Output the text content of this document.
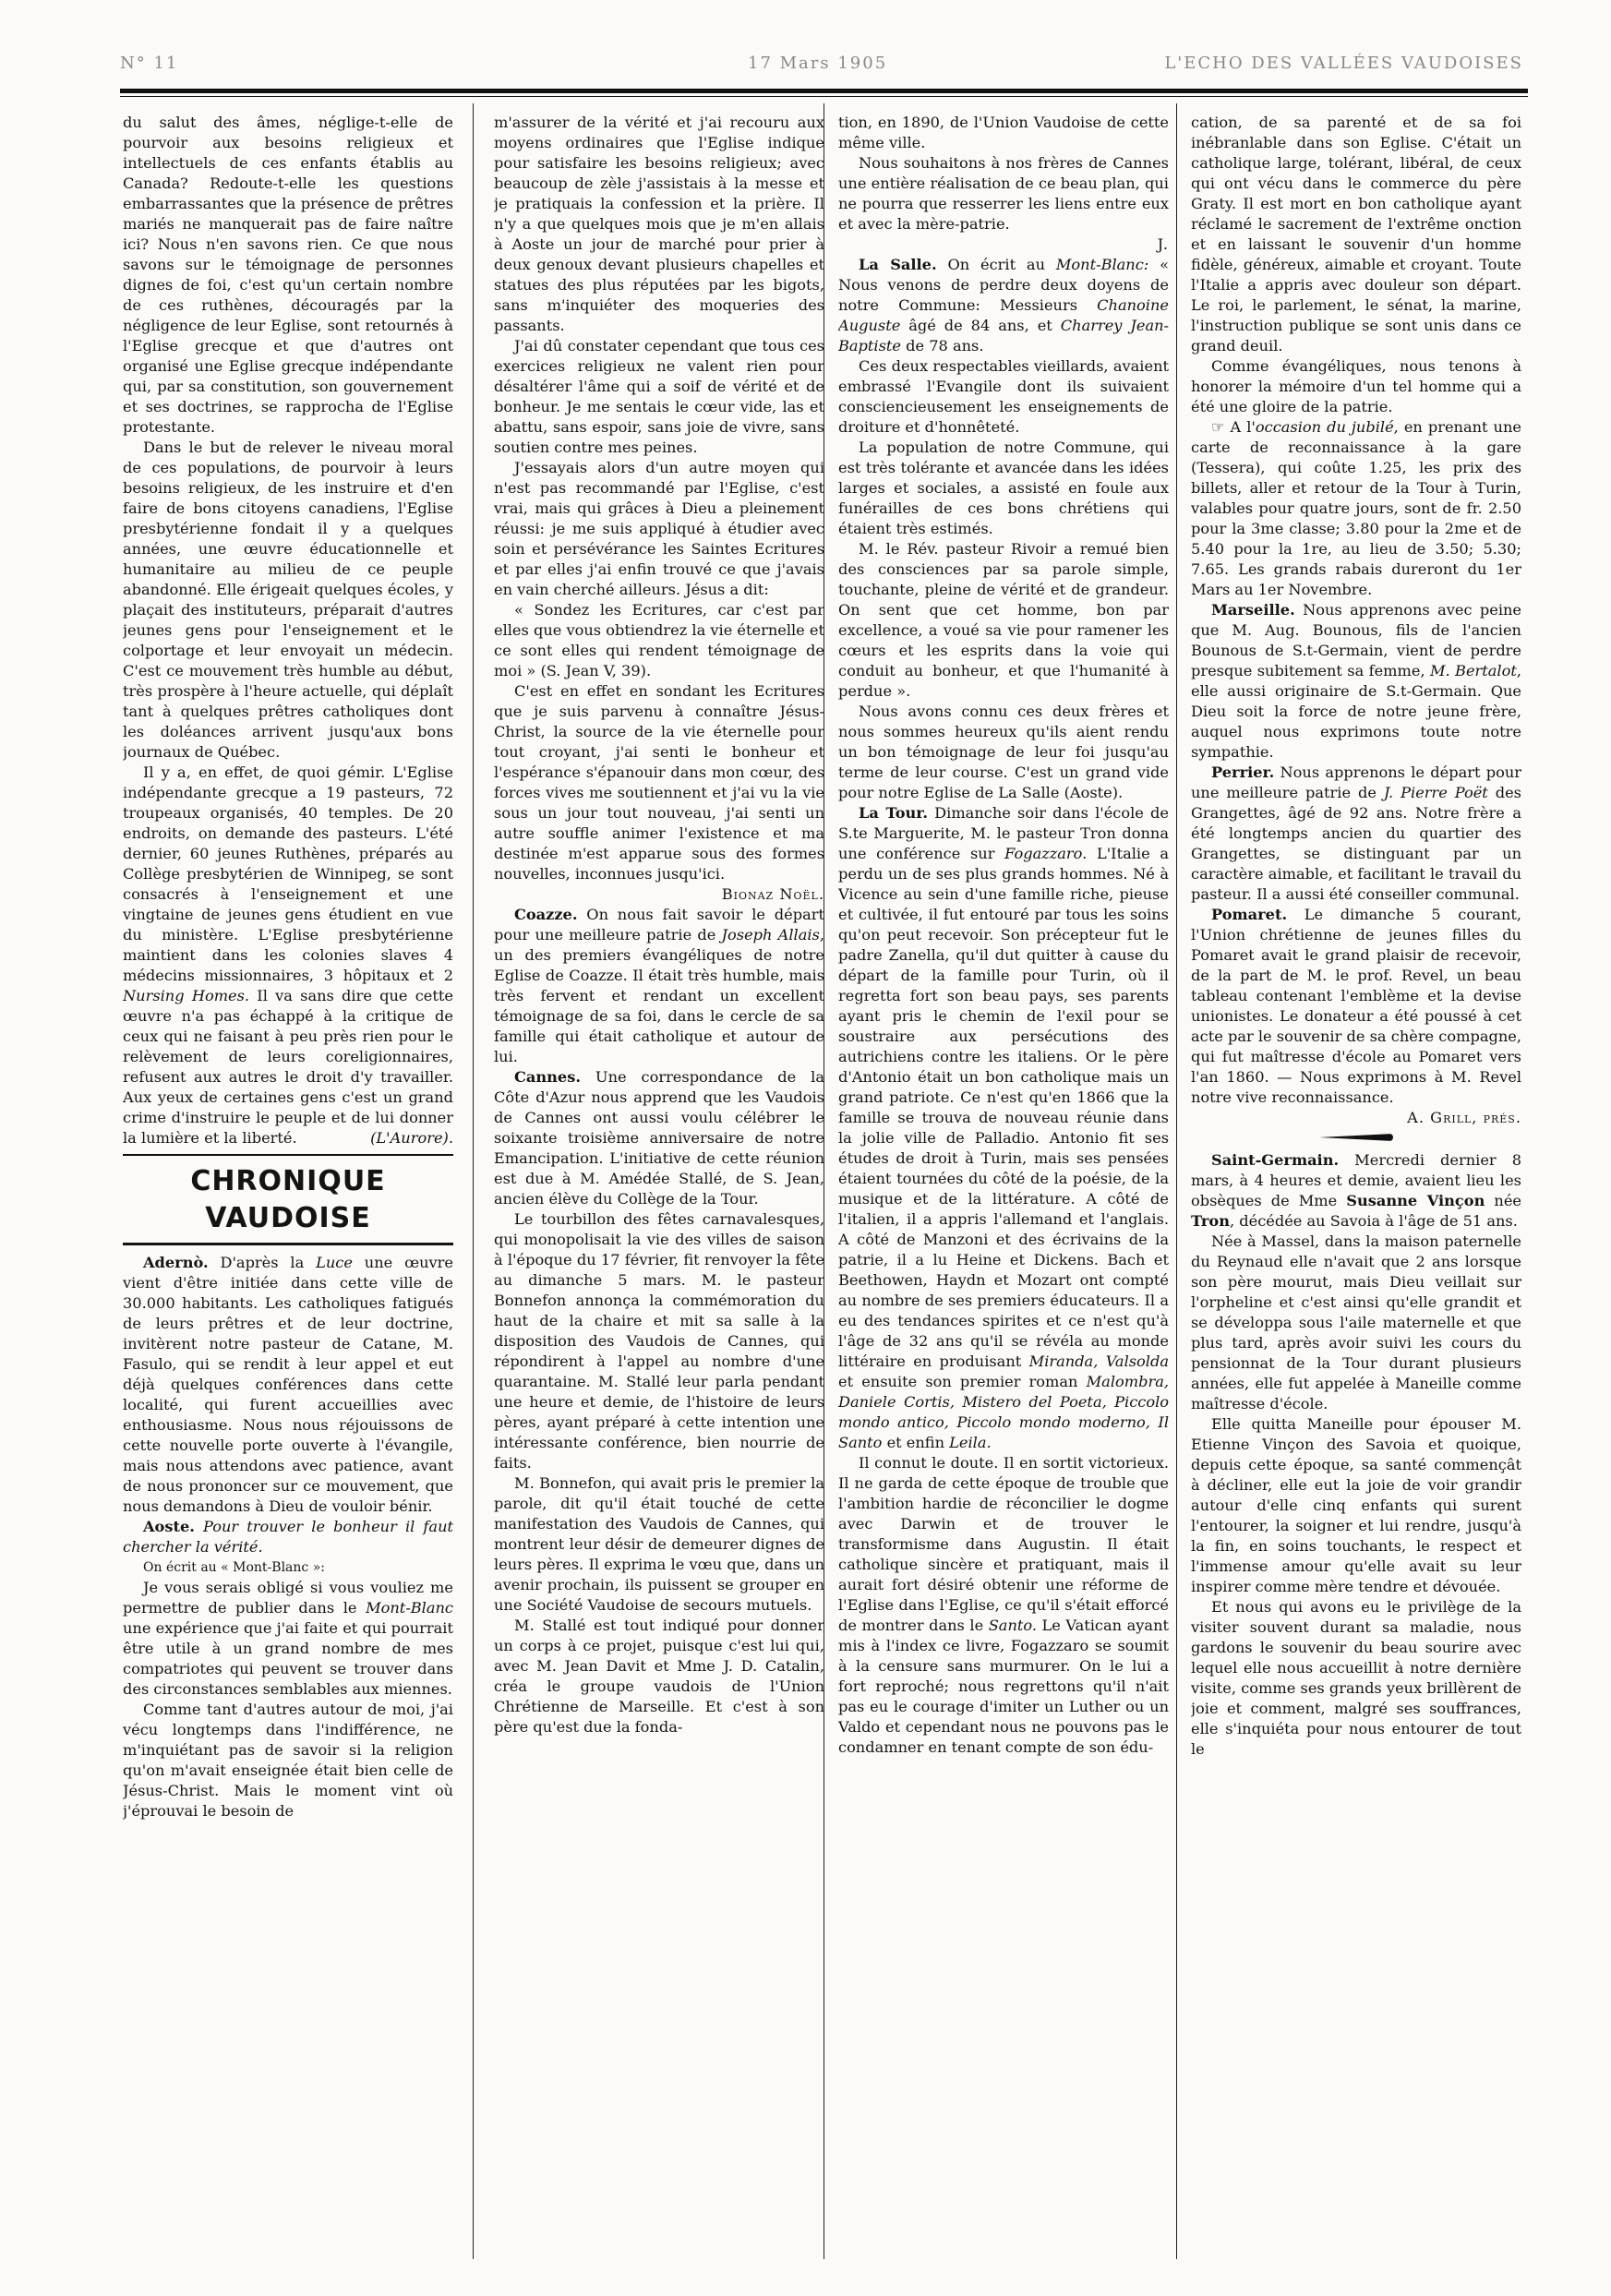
N° 11	17 Mars 1905	L'ECHO DES VALLÉES VAUDOISES

du salut des âmes, néglige-t-elle de pourvoir aux besoins religieux et intellectuels de ces enfants établis au Canada? Redoute-t-elle les questions embarrassantes que la présence de prêtres mariés ne manquerait pas de faire naître ici? Nous n'en savons rien. Ce que nous savons sur le témoignage de personnes dignes de foi, c'est qu'un certain nombre de ces ruthènes, découragés par la négligence de leur Eglise, sont retournés à l'Eglise grecque et que d'autres ont organisé une Eglise grecque indépendante qui, par sa constitution, son gouvernement et ses doctrines, se rapprocha de l'Eglise protestante.

Dans le but de relever le niveau moral de ces populations, de pourvoir à leurs besoins religieux, de les instruire et d'en faire de bons citoyens canadiens, l'Eglise presbytérienne fondait il y a quelques années, une œuvre éducationnelle et humanitaire au milieu de ce peuple abandonné. Elle érigeait quelques écoles, y plaçait des instituteurs, préparait d'autres jeunes gens pour l'enseignement et le colportage et leur envoyait un médecin. C'est ce mouvement très humble au début, très prospère à l'heure actuelle, qui déplaît tant à quelques prêtres catholiques dont les doléances arrivent jusqu'aux bons journaux de Québec.

Il y a, en effet, de quoi gémir. L'Eglise indépendante grecque a 19 pasteurs, 72 troupeaux organisés, 40 temples. De 20 endroits, on demande des pasteurs. L'été dernier, 60 jeunes Ruthènes, préparés au Collège presbytérien de Winnipeg, se sont consacrés à l'enseignement et une vingtaine de jeunes gens étudient en vue du ministère. L'Eglise presbytérienne maintient dans les colonies slaves 4 médecins missionnaires, 3 hôpitaux et 2 Nursing Homes. Il va sans dire que cette œuvre n'a pas échappé à la critique de ceux qui ne faisant à peu près rien pour le relèvement de leurs coreligionnaires, refusent aux autres le droit d'y travailler. Aux yeux de certaines gens c'est un grand crime d'instruire le peuple et de lui donner la lumière et la liberté.	(L'Aurore).

CHRONIQUE VAUDOISE

Adernò. D'après la Luce une œuvre vient d'être initiée dans cette ville de 30.000 habitants. Les catholiques fatigués de leurs prêtres et de leur doctrine, invitèrent notre pasteur de Catane, M. Fasulo, qui se rendit à leur appel et eut déjà quelques conférences dans cette localité, qui furent accueillies avec enthousiasme. Nous nous réjouissons de cette nouvelle porte ouverte à l'évangile, mais nous attendons avec patience, avant de nous prononcer sur ce mouvement, que nous demandons à Dieu de vouloir bénir.

Aoste. Pour trouver le bonheur il faut chercher la vérité.

On écrit au « Mont-Blanc »:

Je vous serais obligé si vous vouliez me permettre de publier dans le Mont-Blanc une expérience que j'ai faite et qui pourrait être utile à un grand nombre de mes compatriotes qui peuvent se trouver dans des circonstances semblables aux miennes.

Comme tant d'autres autour de moi, j'ai vécu longtemps dans l'indifférence, ne m'inquiétant pas de savoir si la religion qu'on m'avait enseignée était bien celle de Jésus-Christ. Mais le moment vint où j'éprouvai le besoin de

m'assurer de la vérité et j'ai recouru aux moyens ordinaires que l'Eglise indique pour satisfaire les besoins religieux; avec beaucoup de zèle j'assistais à la messe et je pratiquais la confession et la prière. Il n'y a que quelques mois que je m'en allais à Aoste un jour de marché pour prier à deux genoux devant plusieurs chapelles et statues des plus réputées par les bigots, sans m'inquiéter des moqueries des passants.

J'ai dû constater cependant que tous ces exercices religieux ne valent rien pour désaltérer l'âme qui a soif de vérité et de bonheur. Je me sentais le cœur vide, las et abattu, sans espoir, sans joie de vivre, sans soutien contre mes peines.

J'essayais alors d'un autre moyen qui n'est pas recommandé par l'Eglise, c'est vrai, mais qui grâces à Dieu a pleinement réussi: je me suis appliqué à étudier avec soin et persévérance les Saintes Ecritures et par elles j'ai enfin trouvé ce que j'avais en vain cherché ailleurs. Jésus a dit:

« Sondez les Ecritures, car c'est par elles que vous obtiendrez la vie éternelle et ce sont elles qui rendent témoignage de moi » (S. Jean V, 39).

C'est en effet en sondant les Ecritures que je suis parvenu à connaître Jésus-Christ, la source de la vie éternelle pour tout croyant, j'ai senti le bonheur et l'espérance s'épanouir dans mon cœur, des forces vives me soutiennent et j'ai vu la vie sous un jour tout nouveau, j'ai senti un autre souffle animer l'existence et ma destinée m'est apparue sous des formes nouvelles, inconnues jusqu'ici.

Bionaz Noël.

Coazze. On nous fait savoir le départ pour une meilleure patrie de Joseph Allais, un des premiers évangéliques de notre Eglise de Coazze. Il était très humble, mais très fervent et rendant un excellent témoignage de sa foi, dans le cercle de sa famille qui était catholique et autour de lui.

Cannes. Une correspondance de la Côte d'Azur nous apprend que les Vaudois de Cannes ont aussi voulu célébrer le soixante troisième anniversaire de notre Emancipation. L'initiative de cette réunion est due à M. Amédée Stallé, de S. Jean, ancien élève du Collège de la Tour.

Le tourbillon des fêtes carnavalesques, qui monopolisait la vie des villes de saison à l'époque du 17 février, fit renvoyer la fête au dimanche 5 mars. M. le pasteur Bonnefon annonça la commémoration du haut de la chaire et mit sa salle à la disposition des Vaudois de Cannes, qui répondirent à l'appel au nombre d'une quarantaine. M. Stallé leur parla pendant une heure et demie, de l'histoire de leurs pères, ayant préparé à cette intention une intéressante conférence, bien nourrie de faits.

M. Bonnefon, qui avait pris le premier la parole, dit qu'il était touché de cette manifestation des Vaudois de Cannes, qui montrent leur désir de demeurer dignes de leurs pères. Il exprima le vœu que, dans un avenir prochain, ils puissent se grouper en une Société Vaudoise de secours mutuels.

M. Stallé est tout indiqué pour donner un corps à ce projet, puisque c'est lui qui, avec M. Jean Davit et Mme J. D. Catalin, créa le groupe vaudois de l'Union Chrétienne de Marseille. Et c'est à son père qu'est due la fonda-

tion, en 1890, de l'Union Vaudoise de cette même ville.

Nous souhaitons à nos frères de Cannes une entière réalisation de ce beau plan, qui ne pourra que resserrer les liens entre eux et avec la mère-patrie.

J.

La Salle. On écrit au Mont-Blanc: « Nous venons de perdre deux doyens de notre Commune: Messieurs Chanoine Auguste âgé de 84 ans, et Charrey Jean-Baptiste de 78 ans.

Ces deux respectables vieillards, avaient embrassé l'Evangile dont ils suivaient consciencieusement les enseignements de droiture et d'honnêteté.

La population de notre Commune, qui est très tolérante et avancée dans les idées larges et sociales, a assisté en foule aux funérailles de ces bons chrétiens qui étaient très estimés.

M. le Rév. pasteur Rivoir a remué bien des consciences par sa parole simple, touchante, pleine de vérité et de grandeur. On sent que cet homme, bon par excellence, a voué sa vie pour ramener les cœurs et les esprits dans la voie qui conduit au bonheur, et que l'humanité à perdue ».

Nous avons connu ces deux frères et nous sommes heureux qu'ils aient rendu un bon témoignage de leur foi jusqu'au terme de leur course. C'est un grand vide pour notre Eglise de La Salle (Aoste).

La Tour. Dimanche soir dans l'école de S.te Marguerite, M. le pasteur Tron donna une conférence sur Fogazzaro. L'Italie a perdu un de ses plus grands hommes. Né à Vicence au sein d'une famille riche, pieuse et cultivée, il fut entouré par tous les soins qu'on peut recevoir. Son précepteur fut le padre Zanella, qu'il dut quitter à cause du départ de la famille pour Turin, où il regretta fort son beau pays, ses parents ayant pris le chemin de l'exil pour se soustraire aux persécutions des autrichiens contre les italiens. Or le père d'Antonio était un bon catholique mais un grand patriote. Ce n'est qu'en 1866 que la famille se trouva de nouveau réunie dans la jolie ville de Palladio. Antonio fit ses études de droit à Turin, mais ses pensées étaient tournées du côté de la poésie, de la musique et de la littérature. A côté de l'italien, il a appris l'allemand et l'anglais. A côté de Manzoni et des écrivains de la patrie, il a lu Heine et Dickens. Bach et Beethowen, Haydn et Mozart ont compté au nombre de ses premiers éducateurs. Il a eu des tendances spirites et ce n'est qu'à l'âge de 32 ans qu'il se révéla au monde littéraire en produisant Miranda, Valsolda et ensuite son premier roman Malombra, Daniele Cortis, Mistero del Poeta, Piccolo mondo antico, Piccolo mondo moderno, Il Santo et enfin Leila.

Il connut le doute. Il en sortit victorieux. Il ne garda de cette époque de trouble que l'ambition hardie de réconcilier le dogme avec Darwin et de trouver le transformisme dans Augustin. Il était catholique sincère et pratiquant, mais il aurait fort désiré obtenir une réforme de l'Eglise dans l'Eglise, ce qu'il s'était efforcé de montrer dans le Santo. Le Vatican ayant mis à l'index ce livre, Fogazzaro se soumit à la censure sans murmurer. On le lui a fort reproché; nous regrettons qu'il n'ait pas eu le courage d'imiter un Luther ou un Valdo et cependant nous ne pouvons pas le condamner en tenant compte de son édu-

cation, de sa parenté et de sa foi inébranlable dans son Eglise. C'était un catholique large, tolérant, libéral, de ceux qui ont vécu dans le commerce du père Graty. Il est mort en bon catholique ayant réclamé le sacrement de l'extrême onction et en laissant le souvenir d'un homme fidèle, généreux, aimable et croyant. Toute l'Italie a appris avec douleur son départ. Le roi, le parlement, le sénat, la marine, l'instruction publique se sont unis dans ce grand deuil.

Comme évangéliques, nous tenons à honorer la mémoire d'un tel homme qui a été une gloire de la patrie.

☞ A l'occasion du jubilé, en prenant une carte de reconnaissance à la gare (Tessera), qui coûte 1.25, les prix des billets, aller et retour de la Tour à Turin, valables pour quatre jours, sont de fr. 2.50 pour la 3me classe; 3.80 pour la 2me et de 5.40 pour la 1re, au lieu de 3.50; 5.30; 7.65. Les grands rabais dureront du 1er Mars au 1er Novembre.

Marseille. Nous apprenons avec peine que M. Aug. Bounous, fils de l'ancien Bounous de S.t-Germain, vient de perdre presque subitement sa femme, M. Bertalot, elle aussi originaire de S.t-Germain. Que Dieu soit la force de notre jeune frère, auquel nous exprimons toute notre sympathie.

Perrier. Nous apprenons le départ pour une meilleure patrie de J. Pierre Poët des Grangettes, âgé de 92 ans. Notre frère a été longtemps ancien du quartier des Grangettes, se distinguant par un caractère aimable, et facilitant le travail du pasteur. Il a aussi été conseiller communal.

Pomaret. Le dimanche 5 courant, l'Union chrétienne de jeunes filles du Pomaret avait le grand plaisir de recevoir, de la part de M. le prof. Revel, un beau tableau contenant l'emblème et la devise unionistes. Le donateur a été poussé à cet acte par le souvenir de sa chère compagne, qui fut maîtresse d'école au Pomaret vers l'an 1860. — Nous exprimons à M. Revel notre vive reconnaissance.

A. Grill, prés.

Saint-Germain. Mercredi dernier 8 mars, à 4 heures et demie, avaient lieu les obsèques de Mme Susanne Vinçon née Tron, décédée au Savoia à l'âge de 51 ans.

Née à Massel, dans la maison paternelle du Reynaud elle n'avait que 2 ans lorsque son père mourut, mais Dieu veillait sur l'orpheline et c'est ainsi qu'elle grandit et se développa sous l'aile maternelle et que plus tard, après avoir suivi les cours du pensionnat de la Tour durant plusieurs années, elle fut appelée à Maneille comme maîtresse d'école.

Elle quitta Maneille pour épouser M. Etienne Vinçon des Savoia et quoique, depuis cette époque, sa santé commençât à décliner, elle eut la joie de voir grandir autour d'elle cinq enfants qui surent l'entourer, la soigner et lui rendre, jusqu'à la fin, en soins touchants, le respect et l'immense amour qu'elle avait su leur inspirer comme mère tendre et dévouée.

Et nous qui avons eu le privilège de la visiter souvent durant sa maladie, nous gardons le souvenir du beau sourire avec lequel elle nous accueillit à notre dernière visite, comme ses grands yeux brillèrent de joie et comment, malgré ses souffrances, elle s'inquiéta pour nous entourer de tout le
